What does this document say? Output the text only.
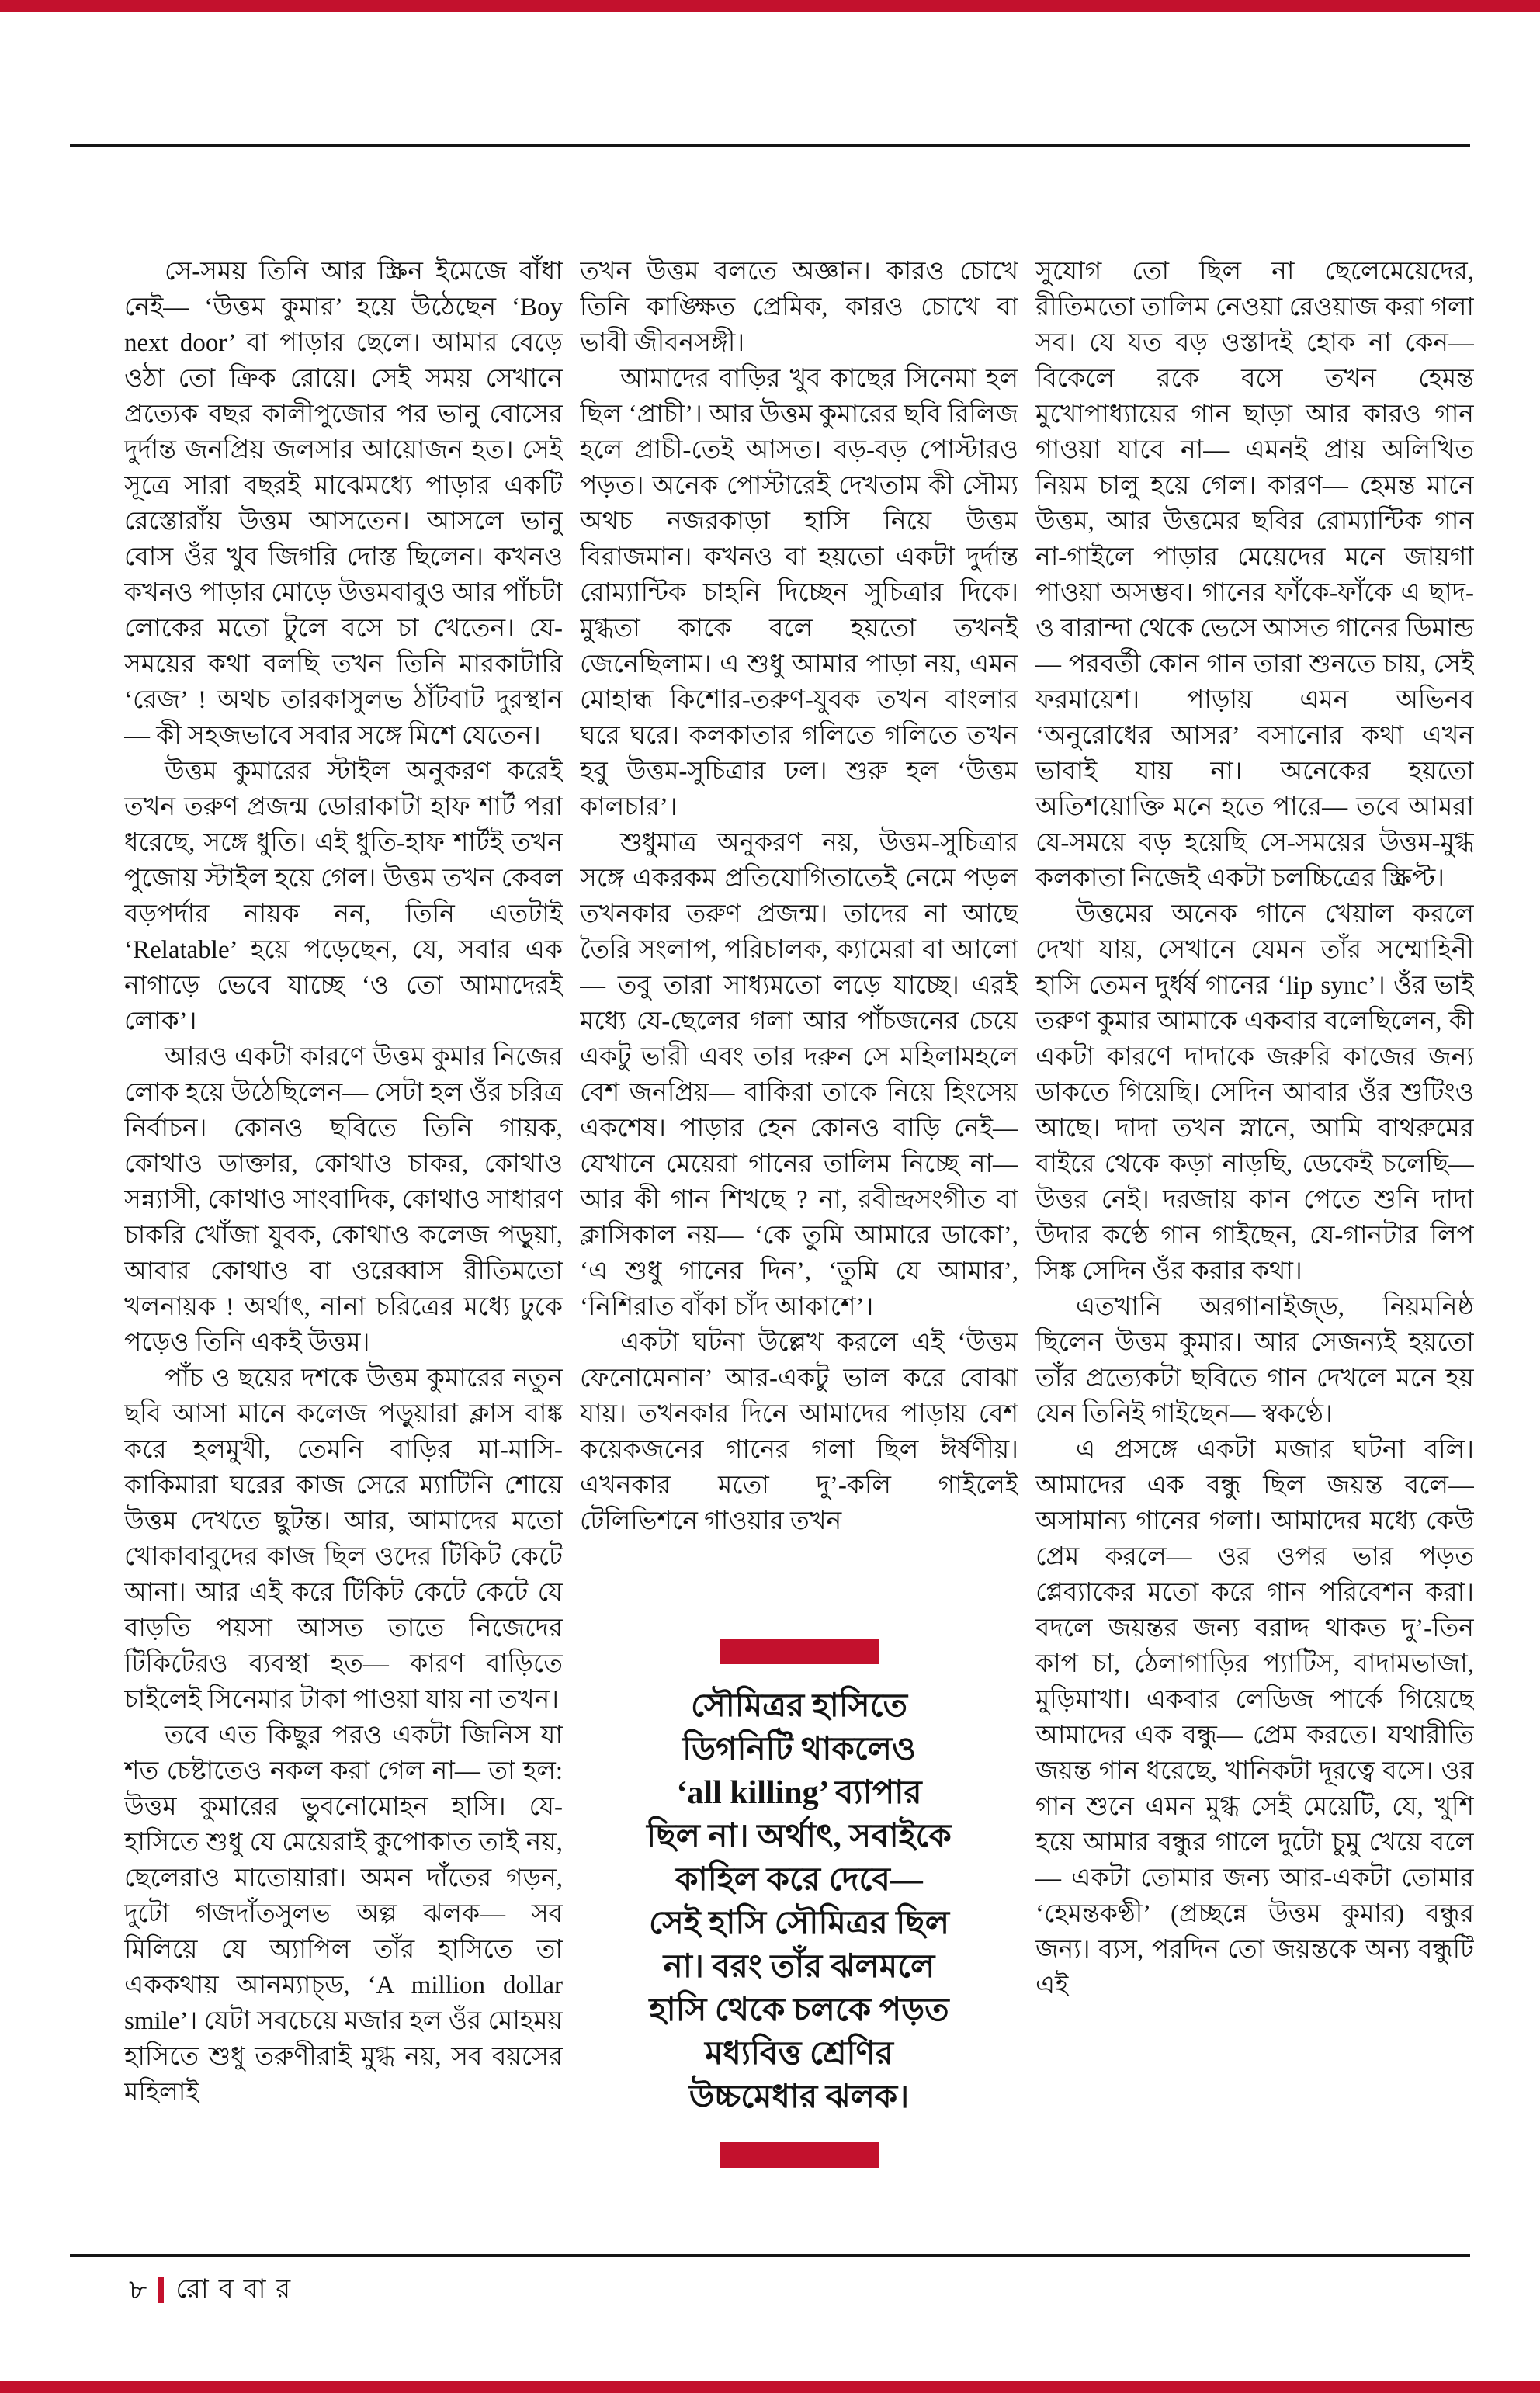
সে-সময় তিনি আর স্ক্রিন ইমেজে বাঁধা নেই— ‘উত্তম কুমার’ হয়ে উঠেছেন ‘Boy next door’ বা পাড়ার ছেলে। আমার বেড়ে ওঠা তো ক্রিক রোয়ে। সেই সময় সেখানে প্রত্যেক বছর কালীপুজোর পর ভানু বোসের দুর্দান্ত জনপ্রিয় জলসার আয়োজন হত। সেই সূত্রে সারা বছরই মাঝেমধ্যে পাড়ার একটি রেস্তোরাঁয় উত্তম আসতেন। আসলে ভানু বোস ওঁর খুব জিগরি দোস্ত ছিলেন। কখনও কখনও পাড়ার মোড়ে উত্তমবাবুও আর পাঁচটা লোকের মতো টুলে বসে চা খেতেন। যে-সময়ের কথা বলছি তখন তিনি মারকাটারি ‘রেজ’ ! অথচ তারকাসুলভ ঠাঁটবাট দুরস্থান— কী সহজভাবে সবার সঙ্গে মিশে যেতেন।

উত্তম কুমারের স্টাইল অনুকরণ করেই তখন তরুণ প্রজন্ম ডোরাকাটা হাফ শার্ট পরা ধরেছে, সঙ্গে ধুতি। এই ধুতি-হাফ শার্টই তখন পুজোয় স্টাইল হয়ে গেল। উত্তম তখন কেবল বড়পর্দার নায়ক নন, তিনি এতটাই ‘Relatable’ হয়ে পড়েছেন, যে, সবার এক নাগাড়ে ভেবে যাচ্ছে ‘ও তো আমাদেরই লোক’।

আরও একটা কারণে উত্তম কুমার নিজের লোক হয়ে উঠেছিলেন— সেটা হল ওঁর চরিত্র নির্বাচন। কোনও ছবিতে তিনি গায়ক, কোথাও ডাক্তার, কোথাও চাকর, কোথাও সন্ন্যাসী, কোথাও সাংবাদিক, কোথাও সাধারণ চাকরি খোঁজা যুবক, কোথাও কলেজ পড়ুয়া, আবার কোথাও বা ওরেব্বাস রীতিমতো খলনায়ক ! অর্থাৎ, নানা চরিত্রের মধ্যে ঢুকে পড়েও তিনি একই উত্তম।

পাঁচ ও ছয়ের দশকে উত্তম কুমারের নতুন ছবি আসা মানে কলেজ পড়ুয়ারা ক্লাস বাঙ্ক করে হলমুখী, তেমনি বাড়ির মা-মাসি-কাকিমারা ঘরের কাজ সেরে ম্যাটিনি শোয়ে উত্তম দেখতে ছুটন্ত। আর, আমাদের মতো খোকাবাবুদের কাজ ছিল ওদের টিকিট কেটে আনা। আর এই করে টিকিট কেটে কেটে যে বাড়তি পয়সা আসত তাতে নিজেদের টিকিটেরও ব্যবস্থা হত— কারণ বাড়িতে চাইলেই সিনেমার টাকা পাওয়া যায় না তখন।

তবে এত কিছুর পরও একটা জিনিস যা শত চেষ্টাতেও নকল করা গেল না— তা হল: উত্তম কুমারের ভুবনোমোহন হাসি। যে-হাসিতে শুধু যে মেয়েরাই কুপোকাত তাই নয়, ছেলেরাও মাতোয়ারা। অমন দাঁতের গড়ন, দুটো গজদাঁতসুলভ অল্প ঝলক— সব মিলিয়ে যে অ্যাপিল তাঁর হাসিতে তা এককথায় আনম্যাচ্‌ড, ‘A million dollar smile’। যেটা সবচেয়ে মজার হল ওঁর মোহময় হাসিতে শুধু তরুণীরাই মুগ্ধ নয়, সব বয়সের মহিলাই

তখন উত্তম বলতে অজ্ঞান। কারও চোখে তিনি কাঙ্ক্ষিত প্রেমিক, কারও চোখে বা ভাবী জীবনসঙ্গী।

আমাদের বাড়ির খুব কাছের সিনেমা হল ছিল ‘প্রাচী’। আর উত্তম কুমারের ছবি রিলিজ হলে প্রাচী-তেই আসত। বড়-বড় পোস্টারও পড়ত। অনেক পোস্টারেই দেখতাম কী সৌম্য অথচ নজরকাড়া হাসি নিয়ে উত্তম বিরাজমান। কখনও বা হয়তো একটা দুর্দান্ত রোম্যান্টিক চাহনি দিচ্ছেন সুচিত্রার দিকে। মুগ্ধতা কাকে বলে হয়তো তখনই জেনেছিলাম। এ শুধু আমার পাড়া নয়, এমন মোহান্ধ কিশোর-তরুণ-যুবক তখন বাংলার ঘরে ঘরে। কলকাতার গলিতে গলিতে তখন হবু উত্তম-সুচিত্রার ঢল। শুরু হল ‘উত্তম কালচার’।

শুধুমাত্র অনুকরণ নয়, উত্তম-সুচিত্রার সঙ্গে একরকম প্রতিযোগিতাতেই নেমে পড়ল তখনকার তরুণ প্রজন্ম। তাদের না আছে তৈরি সংলাপ, পরিচালক, ক্যামেরা বা আলো— তবু তারা সাধ্যমতো লড়ে যাচ্ছে। এরই মধ্যে যে-ছেলের গলা আর পাঁচজনের চেয়ে একটু ভারী এবং তার দরুন সে মহিলামহলে বেশ জনপ্রিয়— বাকিরা তাকে নিয়ে হিংসেয় একশেষ। পাড়ার হেন কোনও বাড়ি নেই— যেখানে মেয়েরা গানের তালিম নিচ্ছে না— আর কী গান শিখছে ? না, রবীন্দ্রসংগীত বা ক্লাসিকাল নয়— ‘কে তুমি আমারে ডাকো’, ‘এ শুধু গানের দিন’, ‘তুমি যে আমার’, ‘নিশিরাত বাঁকা চাঁদ আকাশে’।

একটা ঘটনা উল্লেখ করলে এই ‘উত্তম ফেনোমেনান’ আর-একটু ভাল করে বোঝা যায়। তখনকার দিনে আমাদের পাড়ায় বেশ কয়েকজনের গানের গলা ছিল ঈর্ষণীয়। এখনকার মতো দু’-কলি গাইলেই টেলিভিশনে গাওয়ার তখন

সৌমিত্রর হাসিতে
ডিগনিটি থাকলেও
‘all killing’ ব্যাপার
ছিল না। অর্থাৎ, সবাইকে
কাহিল করে দেবে—
সেই হাসি সৌমিত্রর ছিল
না। বরং তাঁর ঝলমলে
হাসি থেকে চলকে পড়ত
মধ্যবিত্ত শ্রেণির
উচ্চমেধার ঝলক।

সুযোগ তো ছিল না ছেলেমেয়েদের, রীতিমতো তালিম নেওয়া রেওয়াজ করা গলা সব। যে যত বড় ওস্তাদই হোক না কেন— বিকেলে রকে বসে তখন হেমন্ত মুখোপাধ্যায়ের গান ছাড়া আর কারও গান গাওয়া যাবে না— এমনই প্রায় অলিখিত নিয়ম চালু হয়ে গেল। কারণ— হেমন্ত মানে উত্তম, আর উত্তমের ছবির রোম্যান্টিক গান না-গাইলে পাড়ার মেয়েদের মনে জায়গা পাওয়া অসম্ভব। গানের ফাঁকে-ফাঁকে এ ছাদ-ও বারান্দা থেকে ভেসে আসত গানের ডিমান্ড— পরবর্তী কোন গান তারা শুনতে চায়, সেই ফরমায়েশ। পাড়ায় এমন অভিনব ‘অনুরোধের আসর’ বসানোর কথা এখন ভাবাই যায় না। অনেকের হয়তো অতিশয়োক্তি মনে হতে পারে— তবে আমরা যে-সময়ে বড় হয়েছি সে-সময়ের উত্তম-মুগ্ধ কলকাতা নিজেই একটা চলচ্চিত্রের স্ক্রিপ্ট।

উত্তমের অনেক গানে খেয়াল করলে দেখা যায়, সেখানে যেমন তাঁর সম্মোহিনী হাসি তেমন দুর্ধর্ষ গানের ‘lip sync’। ওঁর ভাই তরুণ কুমার আমাকে একবার বলেছিলেন, কী একটা কারণে দাদাকে জরুরি কাজের জন্য ডাকতে গিয়েছি। সেদিন আবার ওঁর শুটিংও আছে। দাদা তখন স্নানে, আমি বাথরুমের বাইরে থেকে কড়া নাড়ছি, ডেকেই চলেছি— উত্তর নেই। দরজায় কান পেতে শুনি দাদা উদার কণ্ঠে গান গাইছেন, যে-গানটার লিপ সিঙ্ক সেদিন ওঁর করার কথা।

এতখানি অরগানাইজ্‌ড, নিয়মনিষ্ঠ ছিলেন উত্তম কুমার। আর সেজন্যই হয়তো তাঁর প্রত্যেকটা ছবিতে গান দেখলে মনে হয় যেন তিনিই গাইছেন— স্বকণ্ঠে।

এ প্রসঙ্গে একটা মজার ঘটনা বলি। আমাদের এক বন্ধু ছিল জয়ন্ত বলে— অসামান্য গানের গলা। আমাদের মধ্যে কেউ প্রেম করলে— ওর ওপর ভার পড়ত প্লেব্যাকের মতো করে গান পরিবেশন করা। বদলে জয়ন্তর জন্য বরাদ্দ থাকত দু’-তিন কাপ চা, ঠেলাগাড়ির প্যাটিস, বাদামভাজা, মুড়িমাখা। একবার লেডিজ পার্কে গিয়েছে আমাদের এক বন্ধু— প্রেম করতে। যথারীতি জয়ন্ত গান ধরেছে, খানিকটা দূরত্বে বসে। ওর গান শুনে এমন মুগ্ধ সেই মেয়েটি, যে, খুশি হয়ে আমার বন্ধুর গালে দুটো চুমু খেয়ে বলে— একটা তোমার জন্য আর-একটা তোমার ‘হেমন্তকণ্ঠী’ (প্রচ্ছন্নে উত্তম কুমার) বন্ধুর জন্য। ব্যস, পরদিন তো জয়ন্তকে অন্য বন্ধুটি এই

৮ রোববার
